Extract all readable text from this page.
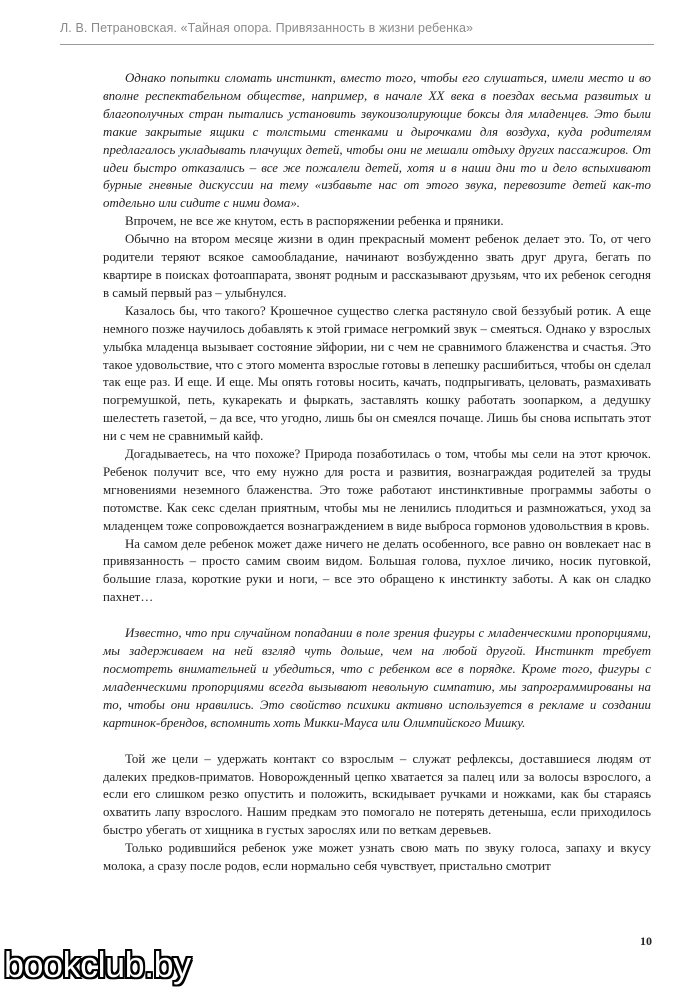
Л. В. Петрановская. «Тайная опора. Привязанность в жизни ребенка»

Однако попытки сломать инстинкт, вместо того, чтобы его слушаться, имели место и во вполне респектабельном обществе, например, в начале XX века в поездах весьма развитых и благополучных стран пытались установить звукоизолирующие боксы для младенцев. Это были такие закрытые ящики с толстыми стенками и дырочками для воздуха, куда родителям предлагалось укладывать плачущих детей, чтобы они не мешали отдыху других пассажиров. От идеи быстро отказались – все же пожалели детей, хотя и в наши дни то и дело вспыхивают бурные гневные дискуссии на тему «избавьте нас от этого звука, перевозите детей как-то отдельно или сидите с ними дома».

Впрочем, не все же кнутом, есть в распоряжении ребенка и пряники.

Обычно на втором месяце жизни в один прекрасный момент ребенок делает это. То, от чего родители теряют всякое самообладание, начинают возбужденно звать друг друга, бегать по квартире в поисках фотоаппарата, звонят родным и рассказывают друзьям, что их ребенок сегодня в самый первый раз – улыбнулся.

Казалось бы, что такого? Крошечное существо слегка растянуло свой беззубый ротик. А еще немного позже научилось добавлять к этой гримасе негромкий звук – смеяться. Однако у взрослых улыбка младенца вызывает состояние эйфории, ни с чем не сравнимого блаженства и счастья. Это такое удовольствие, что с этого момента взрослые готовы в лепешку расшибиться, чтобы он сделал так еще раз. И еще. И еще. Мы опять готовы носить, качать, подпрыгивать, целовать, размахивать погремушкой, петь, кукарекать и фыркать, заставлять кошку работать зоопарком, а дедушку шелестеть газетой, – да все, что угодно, лишь бы он смеялся почаще. Лишь бы снова испытать этот ни с чем не сравнимый кайф.

Догадываетесь, на что похоже? Природа позаботилась о том, чтобы мы сели на этот крючок. Ребенок получит все, что ему нужно для роста и развития, вознаграждая родителей за труды мгновениями неземного блаженства. Это тоже работают инстинктивные программы заботы о потомстве. Как секс сделан приятным, чтобы мы не ленились плодиться и размножаться, уход за младенцем тоже сопровождается вознаграждением в виде выброса гормонов удовольствия в кровь.

На самом деле ребенок может даже ничего не делать особенного, все равно он вовлекает нас в привязанность – просто самим своим видом. Большая голова, пухлое личико, носик пуговкой, большие глаза, короткие руки и ноги, – все это обращено к инстинкту заботы. А как он сладко пахнет…

Известно, что при случайном попадании в поле зрения фигуры с младенческими пропорциями, мы задерживаем на ней взгляд чуть дольше, чем на любой другой. Инстинкт требует посмотреть внимательней и убедиться, что с ребенком все в порядке. Кроме того, фигуры с младенческими пропорциями всегда вызывают невольную симпатию, мы запрограммированы на то, чтобы они нравились. Это свойство психики активно используется в рекламе и создании картинок-брендов, вспомнить хоть Микки-Мауса или Олимпийского Мишку.

Той же цели – удержать контакт со взрослым – служат рефлексы, доставшиеся людям от далеких предков-приматов. Новорожденный цепко хватается за палец или за волосы взрослого, а если его слишком резко опустить и положить, вскидывает ручками и ножками, как бы стараясь охватить лапу взрослого. Нашим предкам это помогало не потерять детеныша, если приходилось быстро убегать от хищника в густых зарослях или по веткам деревьев.

Только родившийся ребенок уже может узнать свою мать по звуку голоса, запаху и вкусу молока, а сразу после родов, если нормально себя чувствует, пристально смотрит

10
bookclub.by
